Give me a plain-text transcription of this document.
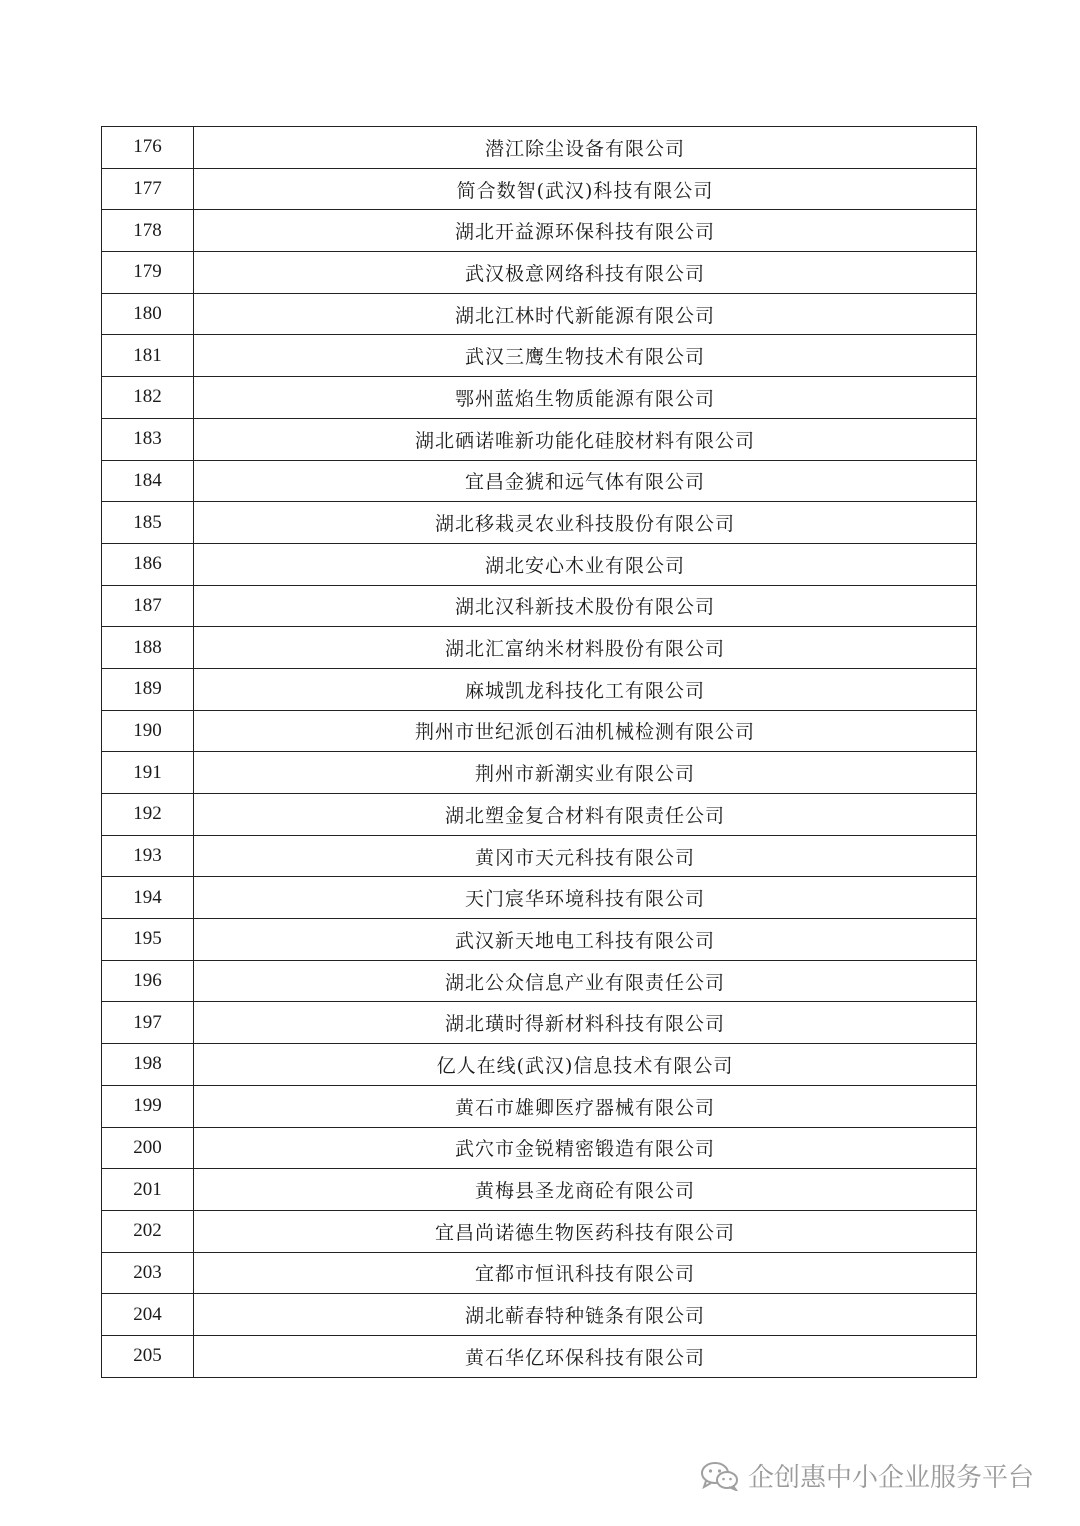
176	潜江除尘设备有限公司
177	简合数智(武汉)科技有限公司
178	湖北开益源环保科技有限公司
179	武汉极意网络科技有限公司
180	湖北江林时代新能源有限公司
181	武汉三鹰生物技术有限公司
182	鄂州蓝焰生物质能源有限公司
183	湖北硒诺唯新功能化硅胶材料有限公司
184	宜昌金猇和远气体有限公司
185	湖北移栽灵农业科技股份有限公司
186	湖北安心木业有限公司
187	湖北汉科新技术股份有限公司
188	湖北汇富纳米材料股份有限公司
189	麻城凯龙科技化工有限公司
190	荆州市世纪派创石油机械检测有限公司
191	荆州市新潮实业有限公司
192	湖北塑金复合材料有限责任公司
193	黄冈市天元科技有限公司
194	天门宸华环境科技有限公司
195	武汉新天地电工科技有限公司
196	湖北公众信息产业有限责任公司
197	湖北璜时得新材料科技有限公司
198	亿人在线(武汉)信息技术有限公司
199	黄石市雄卿医疗器械有限公司
200	武穴市金锐精密锻造有限公司
201	黄梅县圣龙商砼有限公司
202	宜昌尚诺德生物医药科技有限公司
203	宜都市恒讯科技有限公司
204	湖北蕲春特种链条有限公司
205	黄石华亿环保科技有限公司
企创惠中小企业服务平台
